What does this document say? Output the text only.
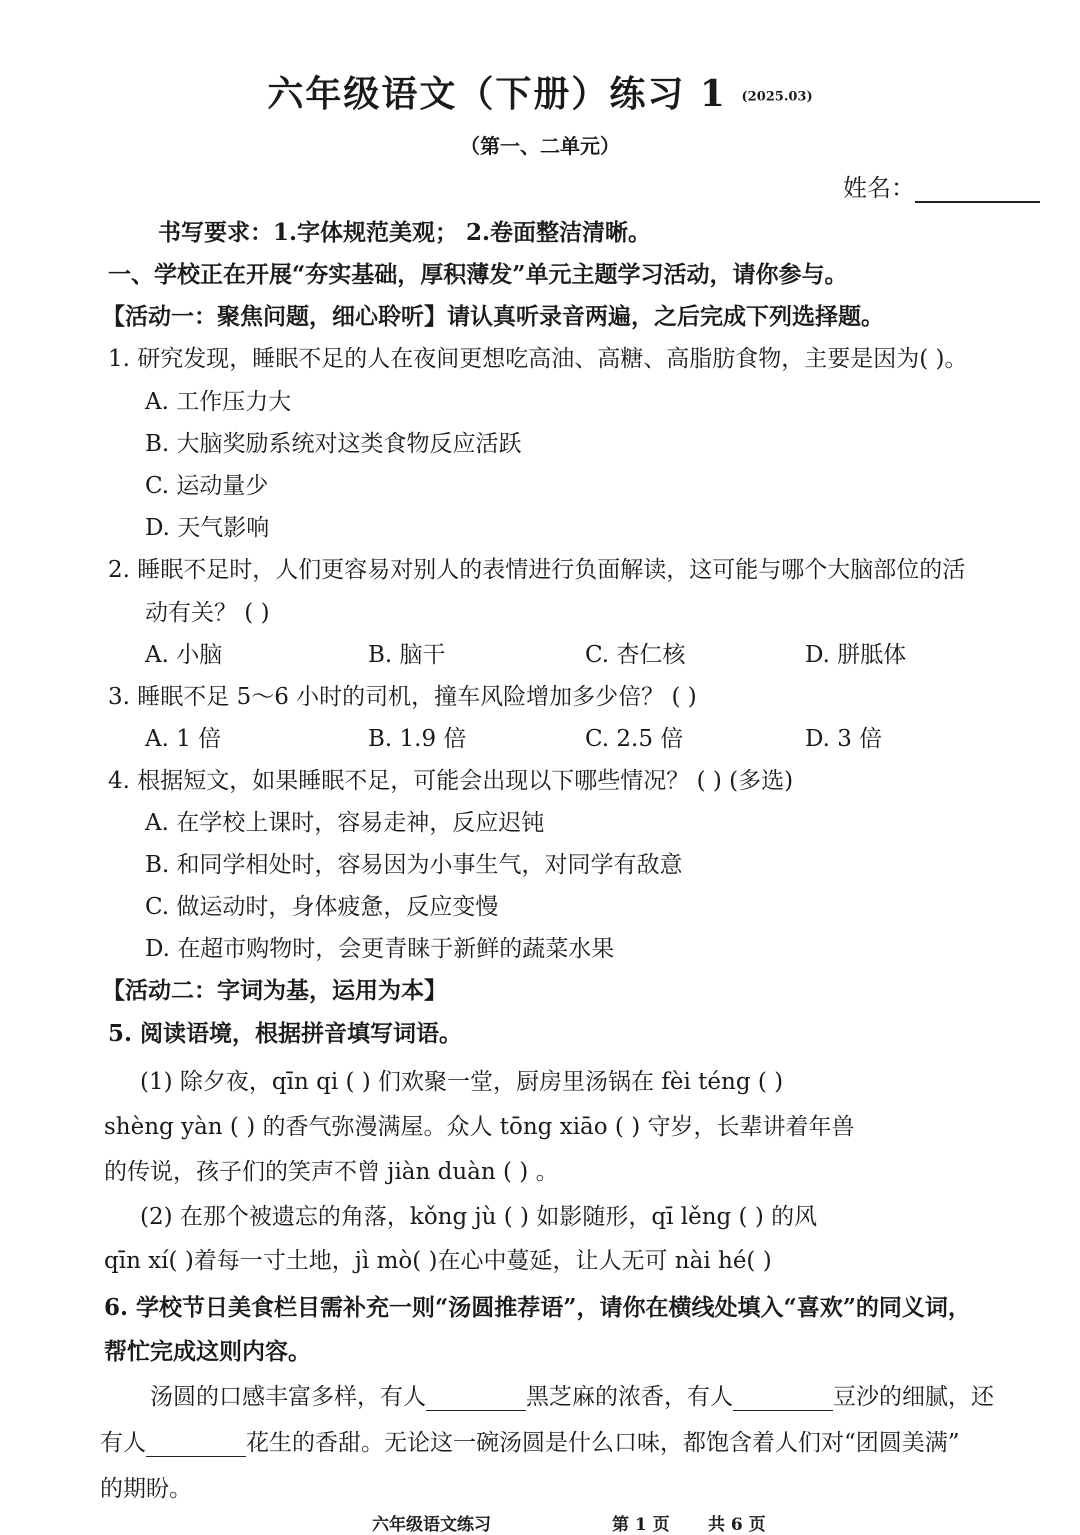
六年级语文（下册）练习 1 (2025.03)
（第一、二单元）
姓名：
书写要求：1.字体规范美观； 2.卷面整洁清晰。
一、学校正在开展“夯实基础，厚积薄发”单元主题学习活动，请你参与。
【活动一：聚焦问题，细心聆听】请认真听录音两遍，之后完成下列选择题。
1. 研究发现，睡眠不足的人在夜间更想吃高油、高糖、高脂肪食物，主要是因为( )。
A. 工作压力大
B. 大脑奖励系统对这类食物反应活跃
C. 运动量少
D. 天气影响
2. 睡眠不足时，人们更容易对别人的表情进行负面解读，这可能与哪个大脑部位的活
动有关？ ( )
A. 小脑	B. 脑干	C. 杏仁核	D. 胼胝体
3. 睡眠不足 5～6 小时的司机，撞车风险增加多少倍？ ( )
A. 1 倍	B. 1.9 倍	C. 2.5 倍	D. 3 倍
4. 根据短文，如果睡眠不足，可能会出现以下哪些情况？ ( ) (多选)
A. 在学校上课时，容易走神，反应迟钝
B. 和同学相处时，容易因为小事生气，对同学有敌意
C. 做运动时，身体疲惫，反应变慢
D. 在超市购物时，会更青睐于新鲜的蔬菜水果
【活动二：字词为基，运用为本】
5. 阅读语境，根据拼音填写词语。
(1) 除夕夜，qīn qi ( ) 们欢聚一堂，厨房里汤锅在 fèi téng ( )
shèng yàn ( ) 的香气弥漫满屋。众人 tōng xiāo ( ) 守岁，长辈讲着年兽
的传说，孩子们的笑声不曾 jiàn duàn ( ) 。
(2) 在那个被遗忘的角落，kǒng jù ( ) 如影随形，qī lěng ( ) 的风
qīn xí( )着每一寸土地，jì mò( )在心中蔓延，让人无可 nài hé( )
6. 学校节日美食栏目需补充一则“汤圆推荐语”，请你在横线处填入“喜欢”的同义词，
帮忙完成这则内容。
汤圆的口感丰富多样，有人	黑芝麻的浓香，有人	豆沙的细腻，还
有人	花生的香甜。无论这一碗汤圆是什么口味，都饱含着人们对“团圆美满”
的期盼。
六年级语文练习	第 1 页 共 6 页
